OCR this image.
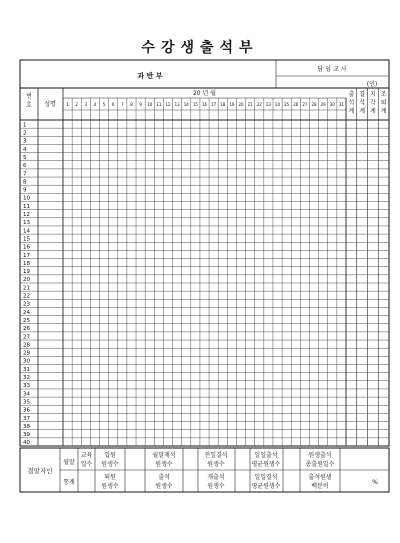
수강생출석부
과 반 부
담임교사
(인)
번
호 성명
20 년 월
1 2 3 4 5 6 7 8 9 10 11 12 13 14 15 16 17 18 19 20 21 22 23 24 25 26 27 28 29 30 31
출
석
계
결
석
계
지
각
계
조
퇴
계
1
2
3
4
5
6
7
8
9
10
11
12
13
14
15
16
17
18
19
20
21
22
23
24
25
26
27
28
29
30
31
32
33
34
35
36
37
38
39
40
결알자인
월말
통계
교육
일수
입원
원생수
퇴원
원생수
월말재석
원생수
출석
원생수
전일결석
원생수
개출석
원생수
일일출석
평균원생수
일일결석
평균원생수
원생출석
총출원일수
출석원생
백분비
%
